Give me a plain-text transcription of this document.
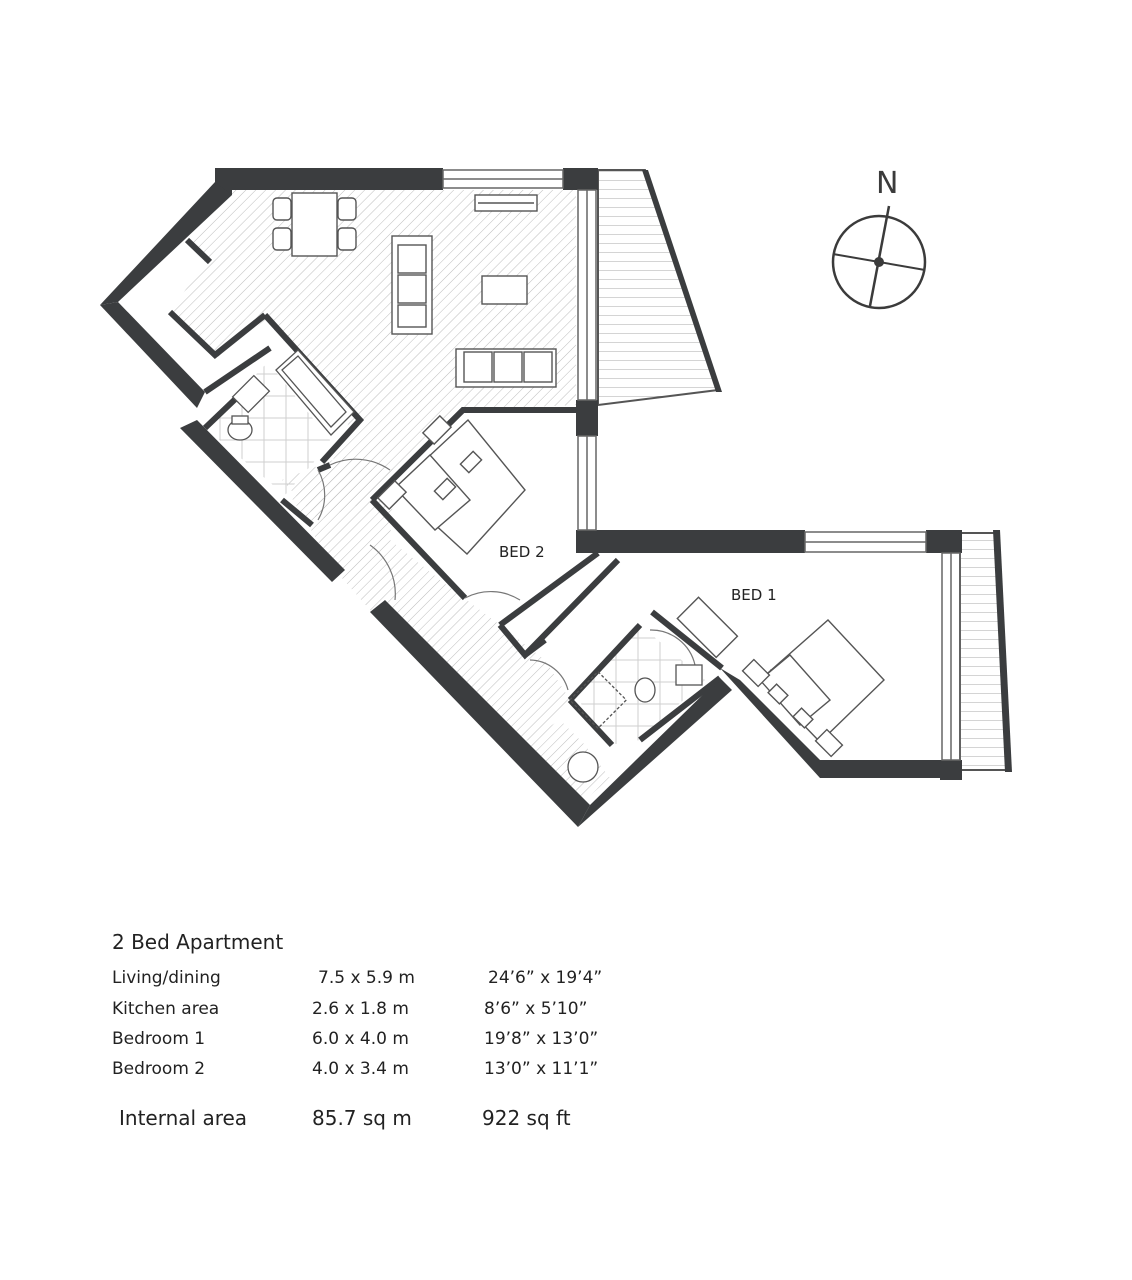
BED 2
BED 1
N
2 Bed Apartment
Living/dining	7.5 x 5.9 m	24’6” x 19’4”
Kitchen area	2.6 x 1.8 m	8’6” x 5’10”
Bedroom 1	6.0 x 4.0 m	19’8” x 13’0”
Bedroom 2	4.0 x 3.4 m	13’0” x 11’1”
Internal area	85.7 sq m	922 sq ft
